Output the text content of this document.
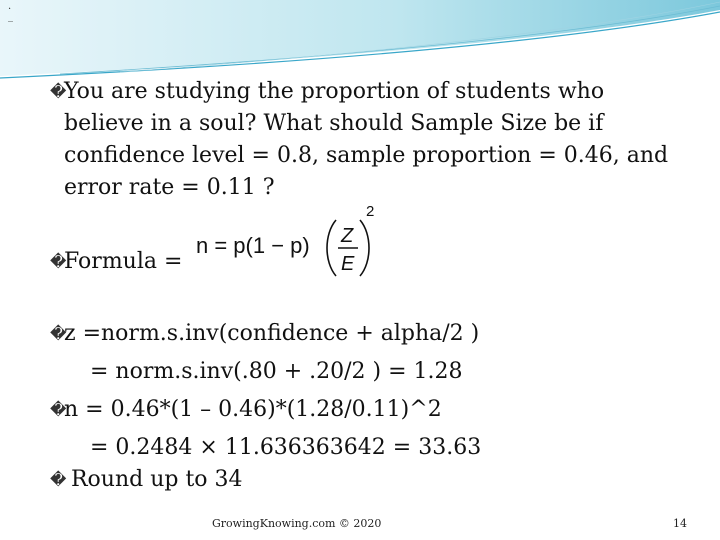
.
_
�You are studying the proportion of students who
believe in a soul? What should Sample Size be if
confidence level = 0.8, sample proportion = 0.46, and
error rate = 0.11 ?
�Formula =
n = p(1 − p) Z
E
2
�z =norm.s.inv(confidence + alpha/2 )
= norm.s.inv(.80 + .20/2 ) = 1.28
�n = 0.46*(1 – 0.46)*(1.28/0.11)^2
= 0.2484 × 11.636363642 = 33.63
� Round up to 34
GrowingKnowing.com © 2020	14
